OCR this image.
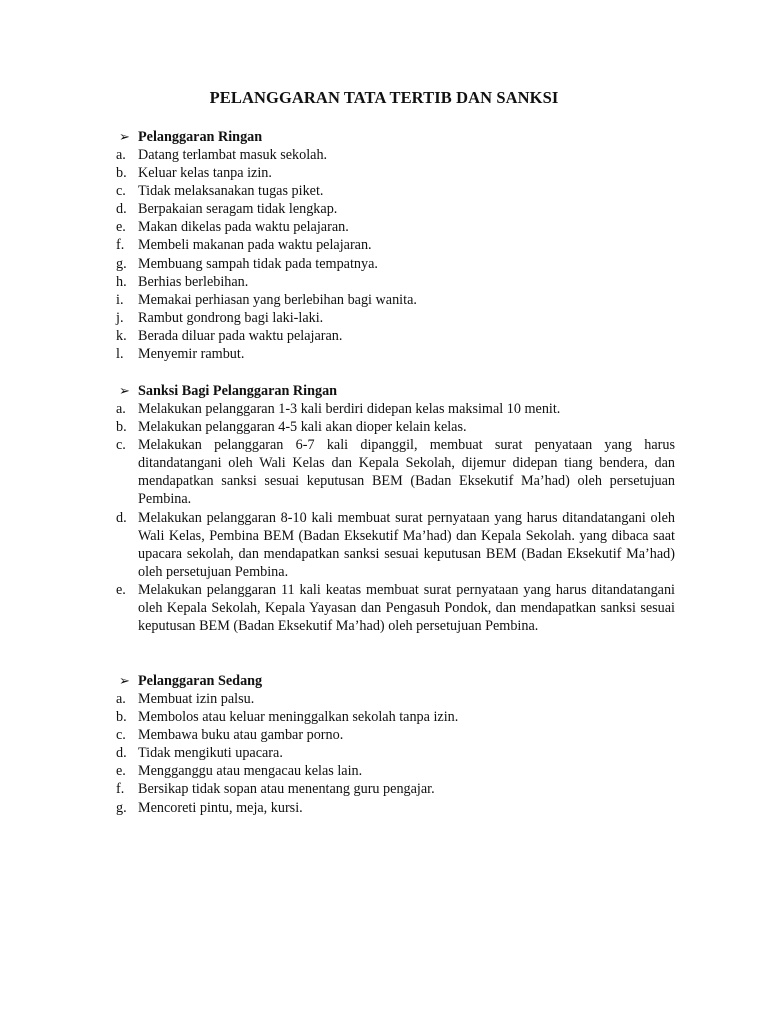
PELANGGARAN TATA TERTIB DAN SANKSI
➢ Pelanggaran Ringan
a. Datang terlambat masuk sekolah.
b. Keluar kelas tanpa izin.
c. Tidak melaksanakan tugas piket.
d. Berpakaian seragam tidak lengkap.
e. Makan dikelas pada waktu pelajaran.
f. Membeli makanan pada waktu pelajaran.
g. Membuang sampah tidak pada tempatnya.
h. Berhias berlebihan.
i. Memakai perhiasan yang berlebihan bagi wanita.
j. Rambut gondrong bagi laki-laki.
k. Berada diluar pada waktu pelajaran.
l. Menyemir rambut.
➢ Sanksi Bagi Pelanggaran Ringan
a. Melakukan pelanggaran 1-3 kali berdiri didepan kelas maksimal 10 menit.
b. Melakukan pelanggaran 4-5 kali akan dioper kelain kelas.
c. Melakukan pelanggaran 6-7 kali dipanggil, membuat surat penyataan yang harus ditandatangani oleh Wali Kelas dan Kepala Sekolah, dijemur didepan tiang bendera, dan mendapatkan sanksi sesuai keputusan BEM (Badan Eksekutif Ma’had) oleh persetujuan Pembina.
d. Melakukan pelanggaran 8-10 kali membuat surat pernyataan yang harus ditandatangani oleh Wali Kelas, Pembina BEM (Badan Eksekutif Ma’had) dan Kepala Sekolah. yang dibaca saat upacara sekolah, dan mendapatkan sanksi sesuai keputusan BEM (Badan Eksekutif Ma’had) oleh persetujuan Pembina.
e. Melakukan pelanggaran 11 kali keatas membuat surat pernyataan yang harus ditandatangani oleh Kepala Sekolah, Kepala Yayasan dan Pengasuh Pondok, dan mendapatkan sanksi sesuai keputusan BEM (Badan Eksekutif Ma’had) oleh persetujuan Pembina.
➢ Pelanggaran Sedang
a. Membuat izin palsu.
b. Membolos atau keluar meninggalkan sekolah tanpa izin.
c. Membawa buku atau gambar porno.
d. Tidak mengikuti upacara.
e. Mengganggu atau mengacau kelas lain.
f. Bersikap tidak sopan atau menentang guru pengajar.
g. Mencoreti pintu, meja, kursi.
